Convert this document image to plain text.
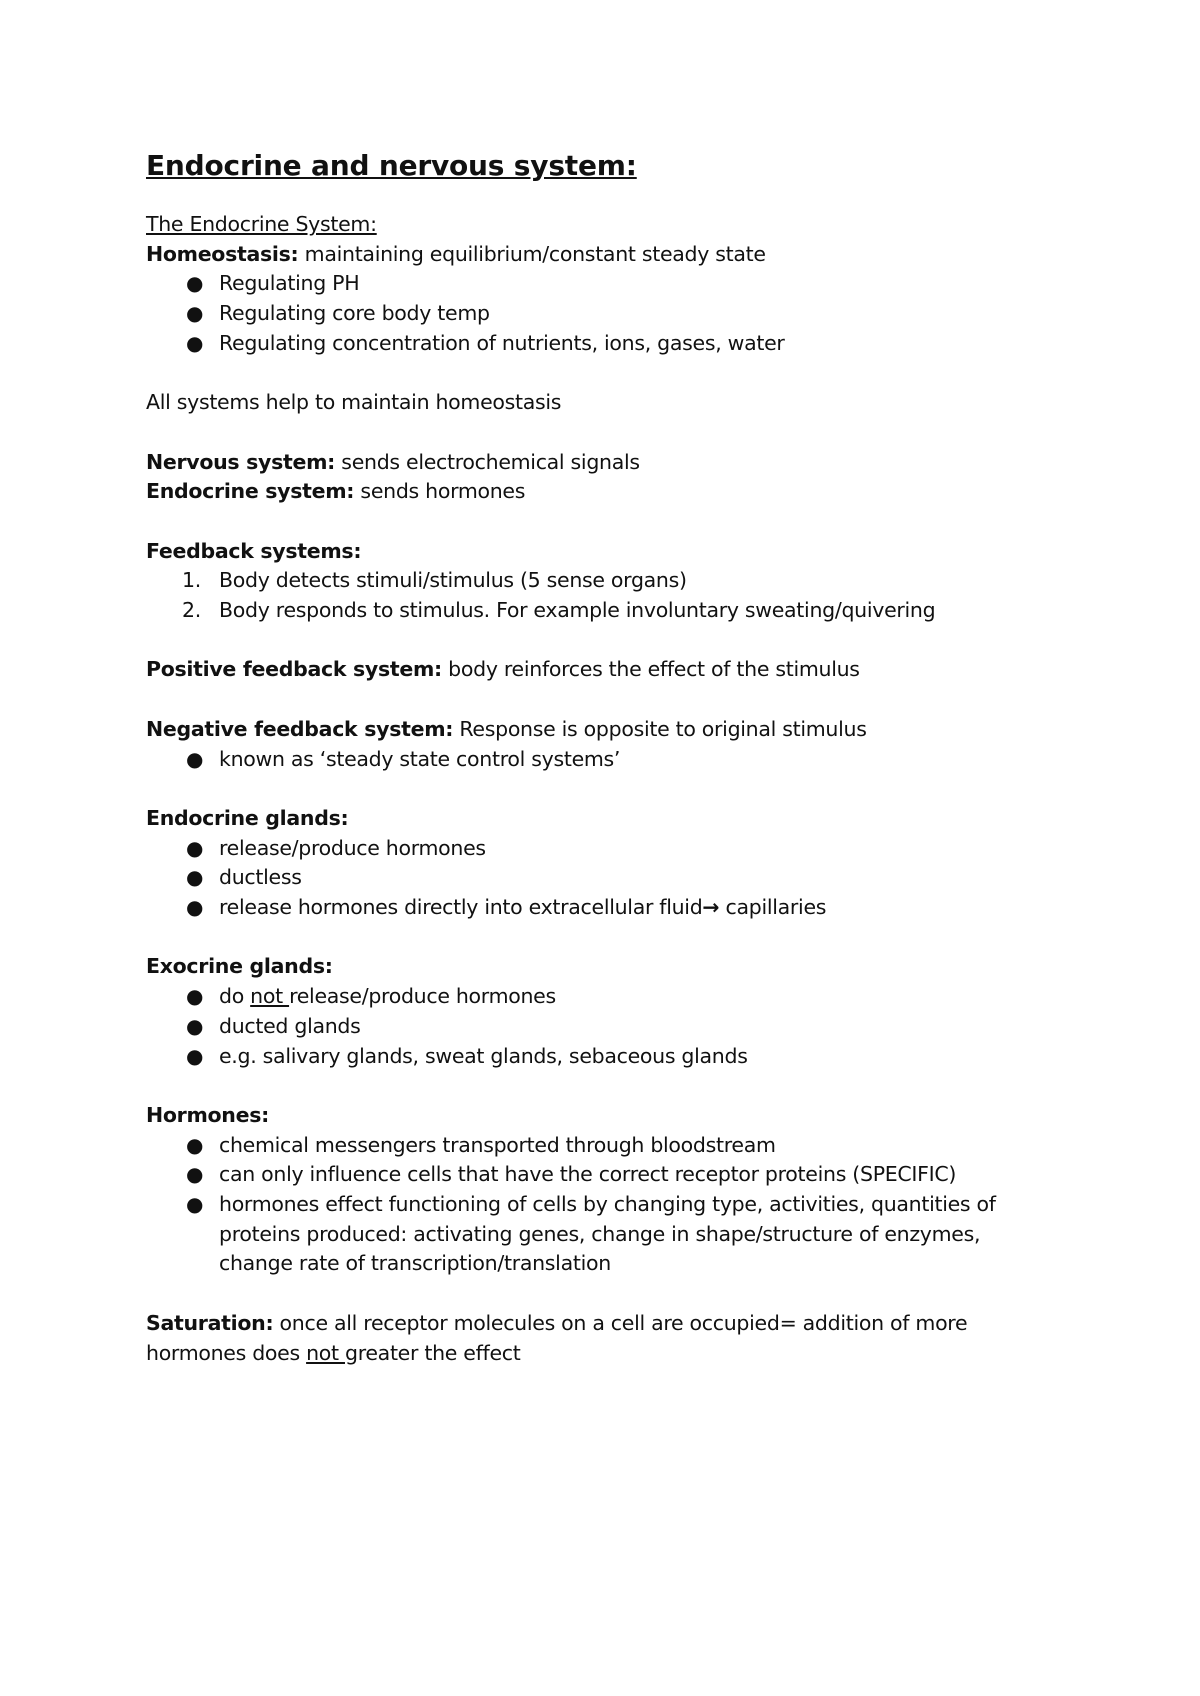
Endocrine and nervous system:

The Endocrine System:

Homeostasis: maintaining equilibrium/constant steady state

● Regulating PH
● Regulating core body temp
● Regulating concentration of nutrients, ions, gases, water

All systems help to maintain homeostasis

Nervous system: sends electrochemical signals

Endocrine system: sends hormones

Feedback systems:

1. Body detects stimuli/stimulus (5 sense organs)
2. Body responds to stimulus. For example involuntary sweating/quivering

Positive feedback system: body reinforces the effect of the stimulus

Negative feedback system: Response is opposite to original stimulus

● known as ‘steady state control systems’

Endocrine glands:

● release/produce hormones
● ductless
● release hormones directly into extracellular fluid→ capillaries

Exocrine glands:

● do not release/produce hormones
● ducted glands
● e.g. salivary glands, sweat glands, sebaceous glands

Hormones:

● chemical messengers transported through bloodstream
● can only influence cells that have the correct receptor proteins (SPECIFIC)
● hormones effect functioning of cells by changing type, activities, quantities of proteins produced: activating genes, change in shape/structure of enzymes, change rate of transcription/translation

Saturation: once all receptor molecules on a cell are occupied= addition of more hormones does not greater the effect
